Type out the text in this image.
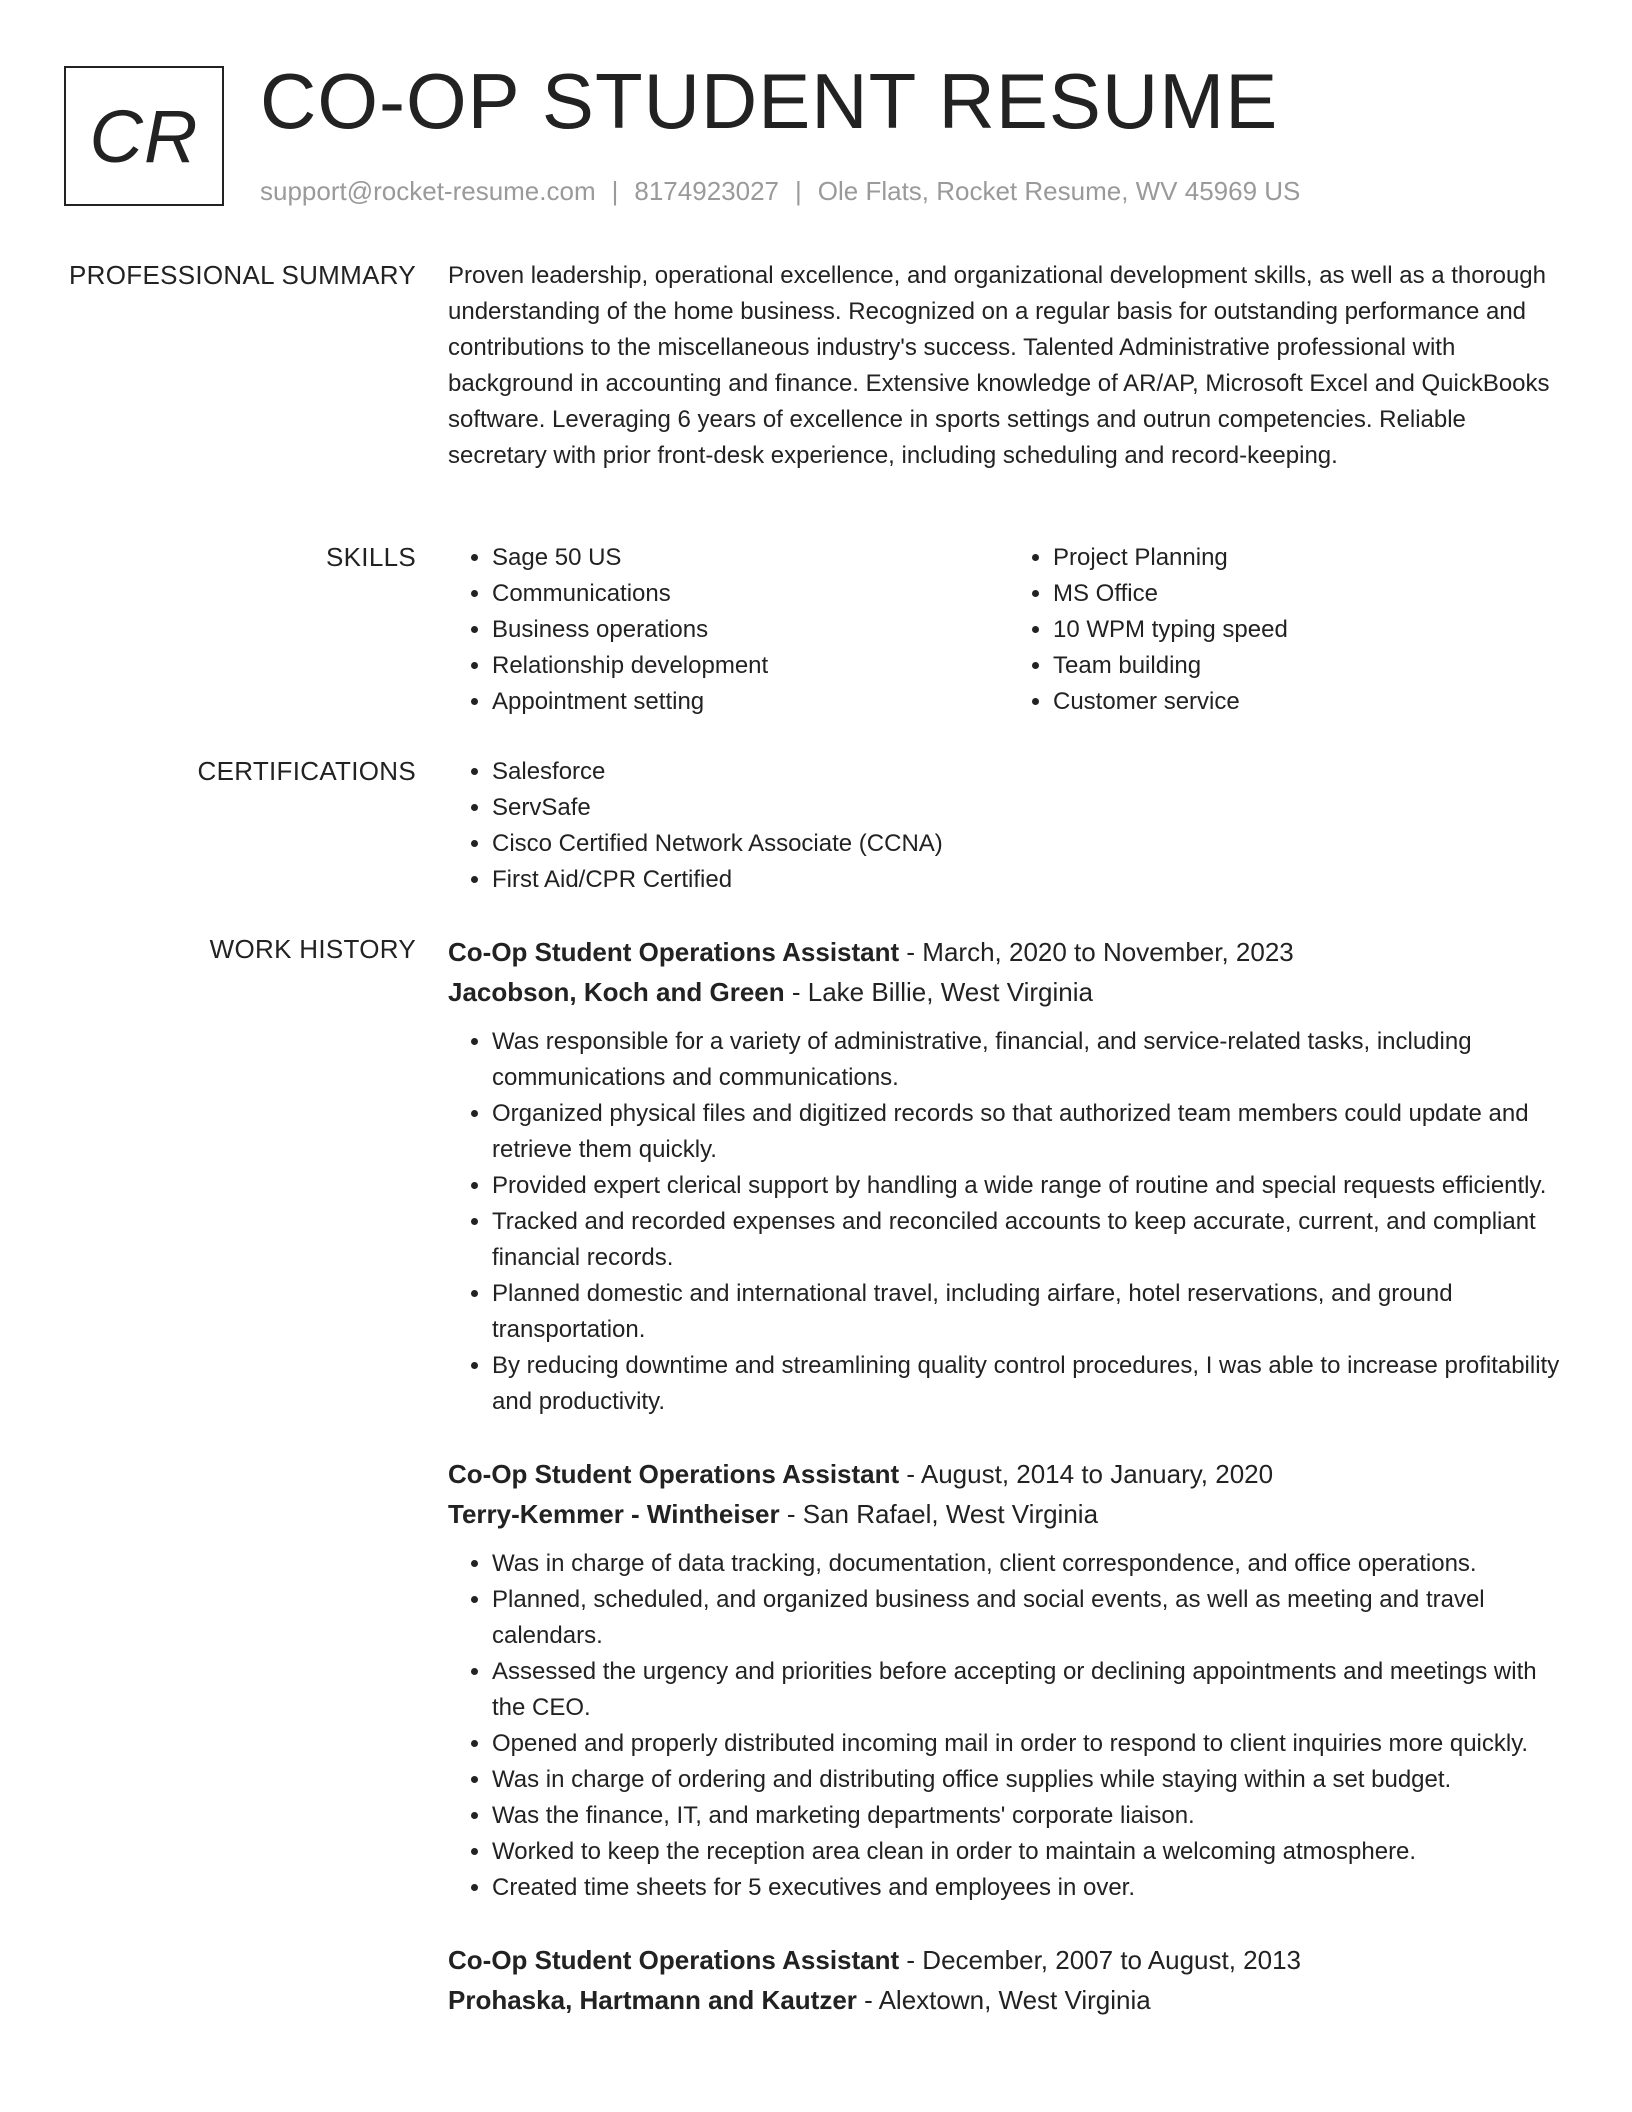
CR CO-OP STUDENT RESUME
support@rocket-resume.com | 8174923027 | Ole Flats, Rocket Resume, WV 45969 US
PROFESSIONAL SUMMARY Proven leadership, operational excellence, and organizational development skills, as well as a thorough understanding of the home business. Recognized on a regular basis for outstanding performance and contributions to the miscellaneous industry's success. Talented Administrative professional with background in accounting and finance. Extensive knowledge of AR/AP, Microsoft Excel and QuickBooks software. Leveraging 6 years of excellence in sports settings and outrun competencies. Reliable secretary with prior front-desk experience, including scheduling and record-keeping.

SKILLS	• Sage 50 US
• Communications
• Business operations
• Relationship development
• Appointment setting
• Project Planning
• MS Office
• 10 WPM typing speed
• Team building
• Customer service
CERTIFICATIONS	• Salesforce
• ServSafe
• Cisco Certified Network Associate (CCNA)
• First Aid/CPR Certified
WORK HISTORY Co-Op Student Operations Assistant - March, 2020 to November, 2023
Jacobson, Koch and Green - Lake Billie, West Virginia
• Was responsible for a variety of administrative, financial, and service-related tasks, including communications and communications.
• Organized physical files and digitized records so that authorized team members could update and retrieve them quickly.
• Provided expert clerical support by handling a wide range of routine and special requests efficiently.
• Tracked and recorded expenses and reconciled accounts to keep accurate, current, and compliant financial records.
• Planned domestic and international travel, including airfare, hotel reservations, and ground transportation.
• By reducing downtime and streamlining quality control procedures, I was able to increase profitability and productivity.
Co-Op Student Operations Assistant - August, 2014 to January, 2020
Terry-Kemmer - Wintheiser - San Rafael, West Virginia
• Was in charge of data tracking, documentation, client correspondence, and office operations.
• Planned, scheduled, and organized business and social events, as well as meeting and travel calendars.
• Assessed the urgency and priorities before accepting or declining appointments and meetings with the CEO.
• Opened and properly distributed incoming mail in order to respond to client inquiries more quickly.
• Was in charge of ordering and distributing office supplies while staying within a set budget.
• Was the finance, IT, and marketing departments' corporate liaison.
• Worked to keep the reception area clean in order to maintain a welcoming atmosphere.
• Created time sheets for 5 executives and employees in over.
Co-Op Student Operations Assistant - December, 2007 to August, 2013
Prohaska, Hartmann and Kautzer - Alextown, West Virginia
